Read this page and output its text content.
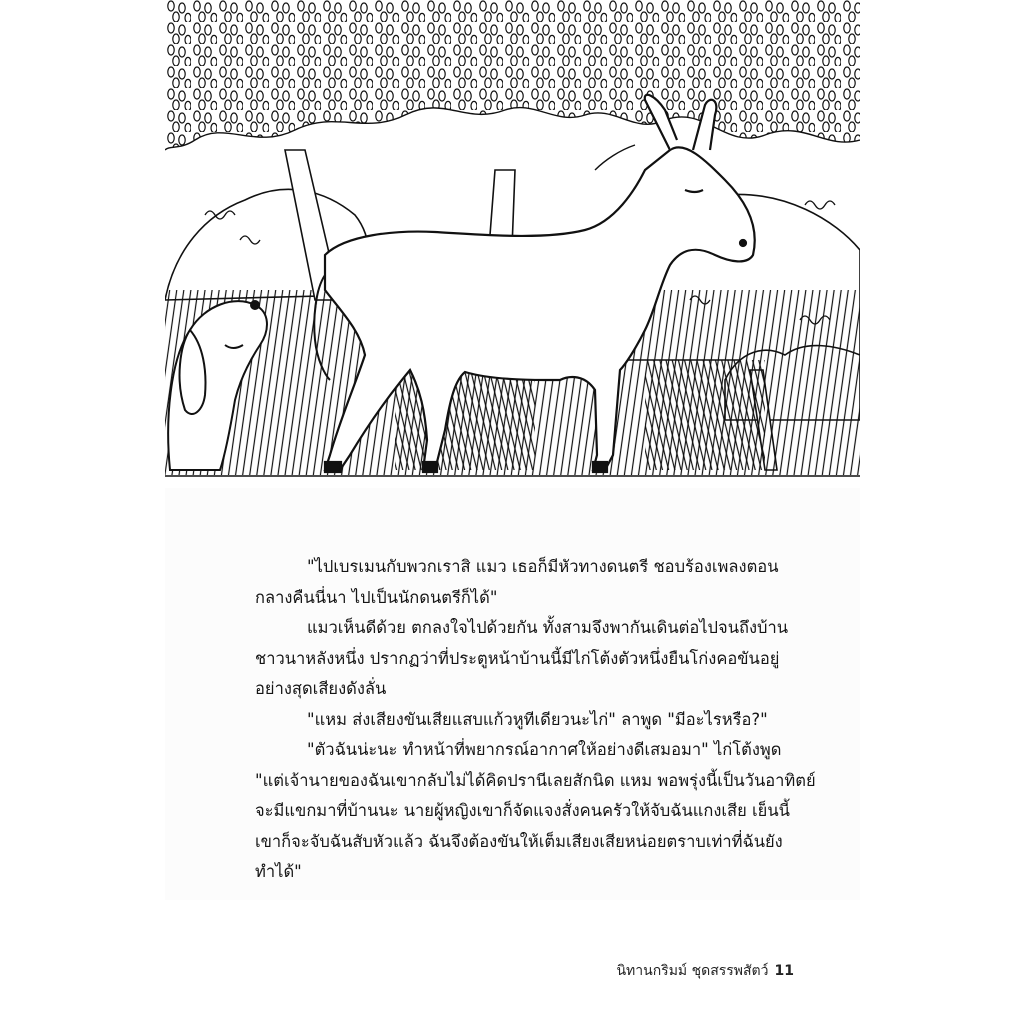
"ไปเบรเมนกับพวกเราสิ แมว เธอก็มีหัวทางดนตรี ชอบร้องเพลงตอน

กลางคืนนี่นา ไปเป็นนักดนตรีก็ได้"

แมวเห็นดีด้วย ตกลงใจไปด้วยกัน ทั้งสามจึงพากันเดินต่อไปจนถึงบ้าน

ชาวนาหลังหนึ่ง ปรากฏว่าที่ประตูหน้าบ้านนี้มีไก่โต้งตัวหนึ่งยืนโก่งคอขันอยู่

อย่างสุดเสียงดังลั่น

"แหม ส่งเสียงขันเสียแสบแก้วหูทีเดียวนะไก่" ลาพูด "มีอะไรหรือ?"

"ตัวฉันน่ะนะ ทำหน้าที่พยากรณ์อากาศให้อย่างดีเสมอมา" ไก่โต้งพูด

"แต่เจ้านายของฉันเขากลับไม่ได้คิดปรานีเลยสักนิด แหม พอพรุ่งนี้เป็นวันอาทิตย์

จะมีแขกมาที่บ้านนะ นายผู้หญิงเขาก็จัดแจงสั่งคนครัวให้จับฉันแกงเสีย เย็นนี้

เขาก็จะจับฉันสับหัวแล้ว ฉันจึงต้องขันให้เต็มเสียงเสียหน่อยตราบเท่าที่ฉันยัง

ทำได้"

นิทานกริมม์ ชุดสรรพสัตว์ 11
